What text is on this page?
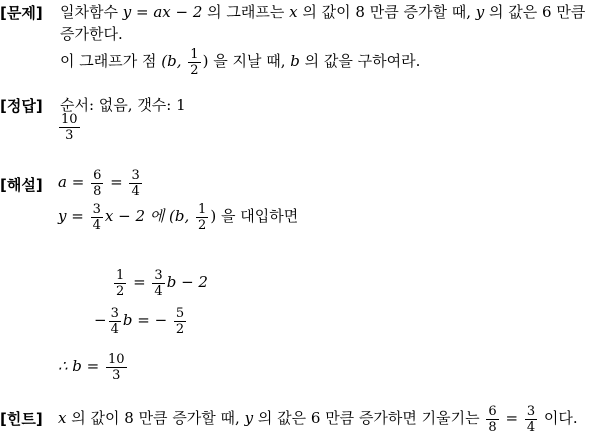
[문제] 일차함수 y = ax − 2 의 그래프는 x 의 값이 8 만큼 증가할 때, y 의 값은 6 만큼
증가한다.
이 그래프가 점 (b, $\frac{1}{2}$ ) 을 지날 때, b 의 값을 구하여라.
[정답] 순서: 없음, 갯수: 1
$\frac{10}{3}$
[해설] $a = \frac{6}{8} = \frac{3}{4}$
$y = \frac{3}{4}$ x − 2 에 (b, $\frac{1}{2}$ ) 을 대입하면
$\frac{1}{2} = \frac{3}{4}$ b − 2
− $\frac{3}{4}$ b = − $\frac{5}{2}$
∴ $b = \frac{10}{3}$
[힌트] x 의 값이 8 만큼 증가할 때, y 의 값은 6 만큼 증가하면 기울기는 $\frac{6}{8} = \frac{3}{4}$ 이다.
